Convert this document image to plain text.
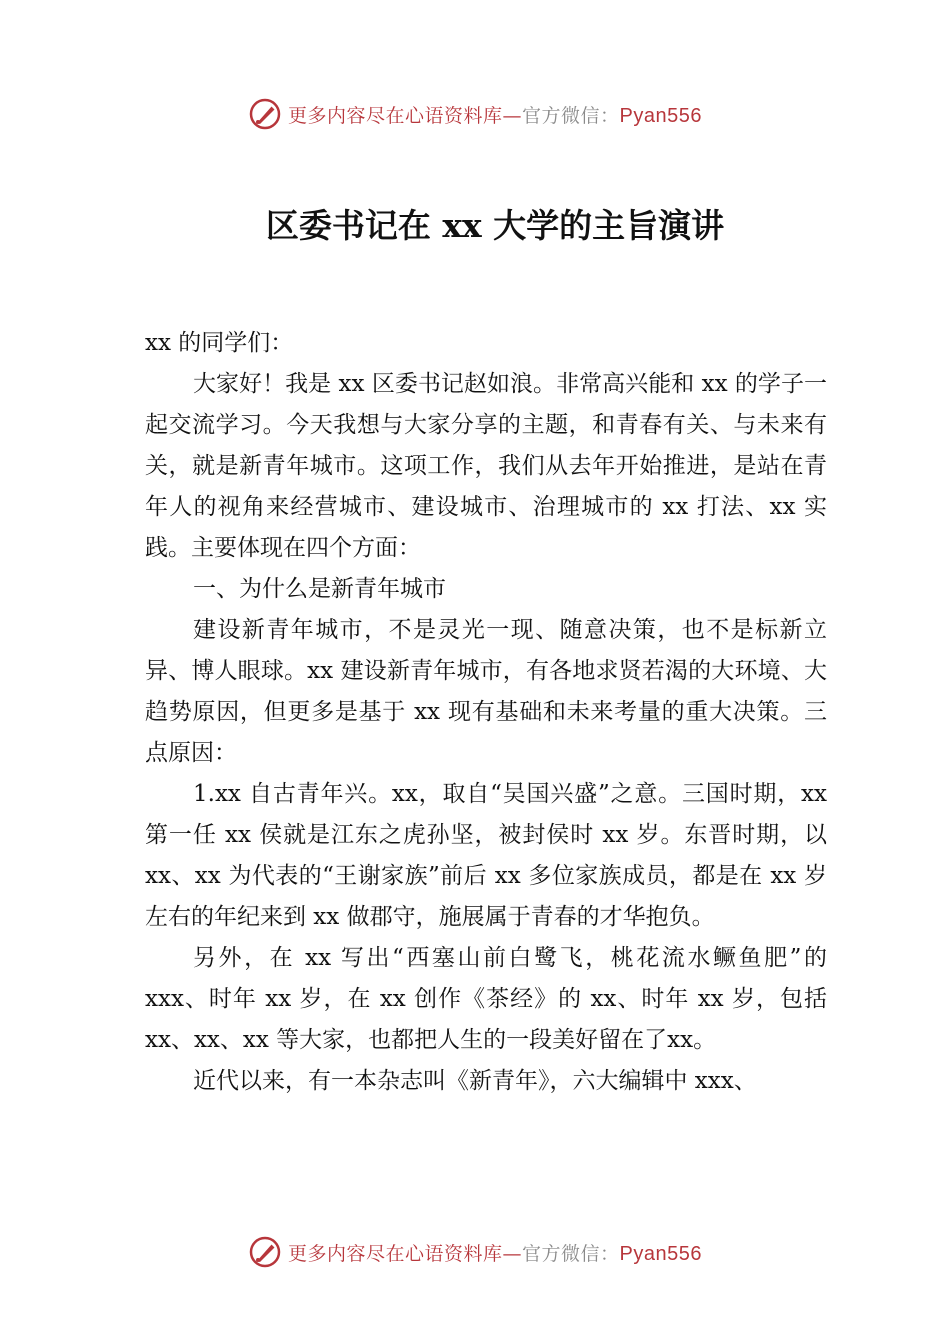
更多内容尽在心语资料库—官方微信：Pyan556
区委书记在 xx 大学的主旨演讲

xx 的同学们：

大家好！我是 xx 区委书记赵如浪。非常高兴能和 xx 的学子一起交流学习。今天我想与大家分享的主题，和青春有关、与未来有关，就是新青年城市。这项工作，我们从去年开始推进，是站在青年人的视角来经营城市、建设城市、治理城市的 xx 打法、xx 实践。主要体现在四个方面：

一、为什么是新青年城市

建设新青年城市，不是灵光一现、随意决策，也不是标新立异、博人眼球。xx 建设新青年城市，有各地求贤若渴的大环境、大趋势原因，但更多是基于 xx 现有基础和未来考量的重大决策。三点原因：

1.xx 自古青年兴。xx，取自“吴国兴盛”之意。三国时期，xx 第一任 xx 侯就是江东之虎孙坚，被封侯时 xx 岁。东晋时期，以 xx、xx 为代表的“王谢家族”前后 xx 多位家族成员，都是在 xx 岁左右的年纪来到 xx 做郡守，施展属于青春的才华抱负。

另外，在 xx 写出“西塞山前白鹭飞，桃花流水鳜鱼肥”的 xxx、时年 xx 岁，在 xx 创作《茶经》的 xx、时年 xx 岁，包括 xx、xx、xx 等大家，也都把人生的一段美好留在了xx。

近代以来，有一本杂志叫《新青年》，六大编辑中 xxx、

更多内容尽在心语资料库—官方微信：Pyan556
